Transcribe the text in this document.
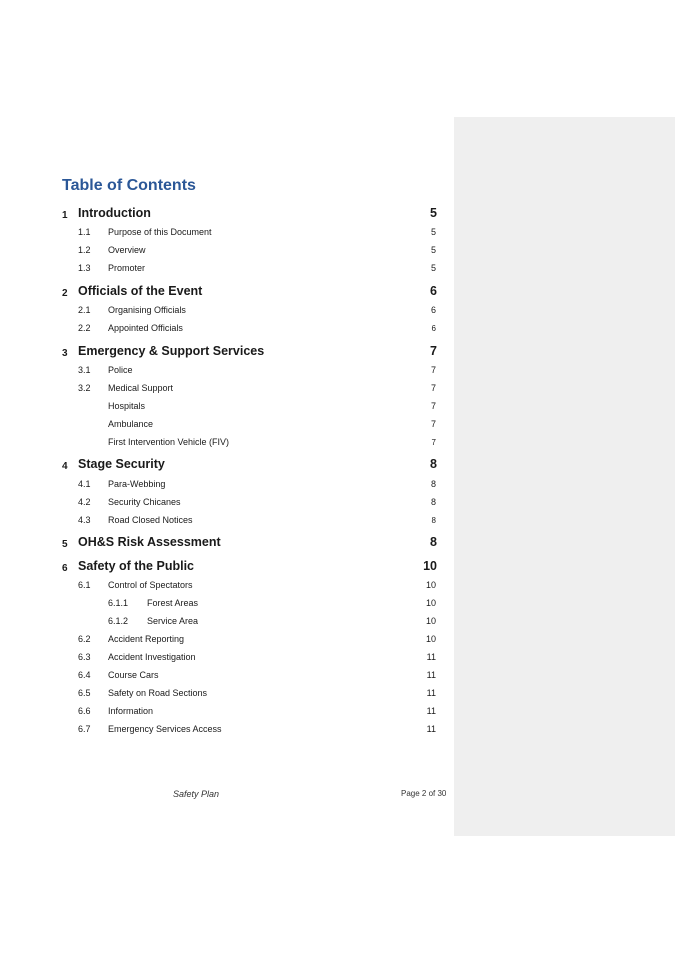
Table of Contents
1 Introduction	5
1.1 Purpose of this Document	5
1.2 Overview	5
1.3 Promoter	5
2 Officials of the Event	6
2.1 Organising Officials	6
2.2 Appointed Officials	6
3 Emergency & Support Services	7
3.1 Police	7
3.2 Medical Support	7
Hospitals	7
Ambulance	7
First Intervention Vehicle (FIV)	7
4 Stage Security	8
4.1 Para-Webbing	8
4.2 Security Chicanes	8
4.3 Road Closed Notices	8
5 OH&S Risk Assessment	8
6 Safety of the Public	10
6.1 Control of Spectators	10
6.1.1 Forest Areas	10
6.1.2 Service Area	10
6.2 Accident Reporting	10
6.3 Accident Investigation	11
6.4 Course Cars	11
6.5 Safety on Road Sections	11
6.6 Information	11
6.7 Emergency Services Access	11
Safety Plan	Page 2 of 30
